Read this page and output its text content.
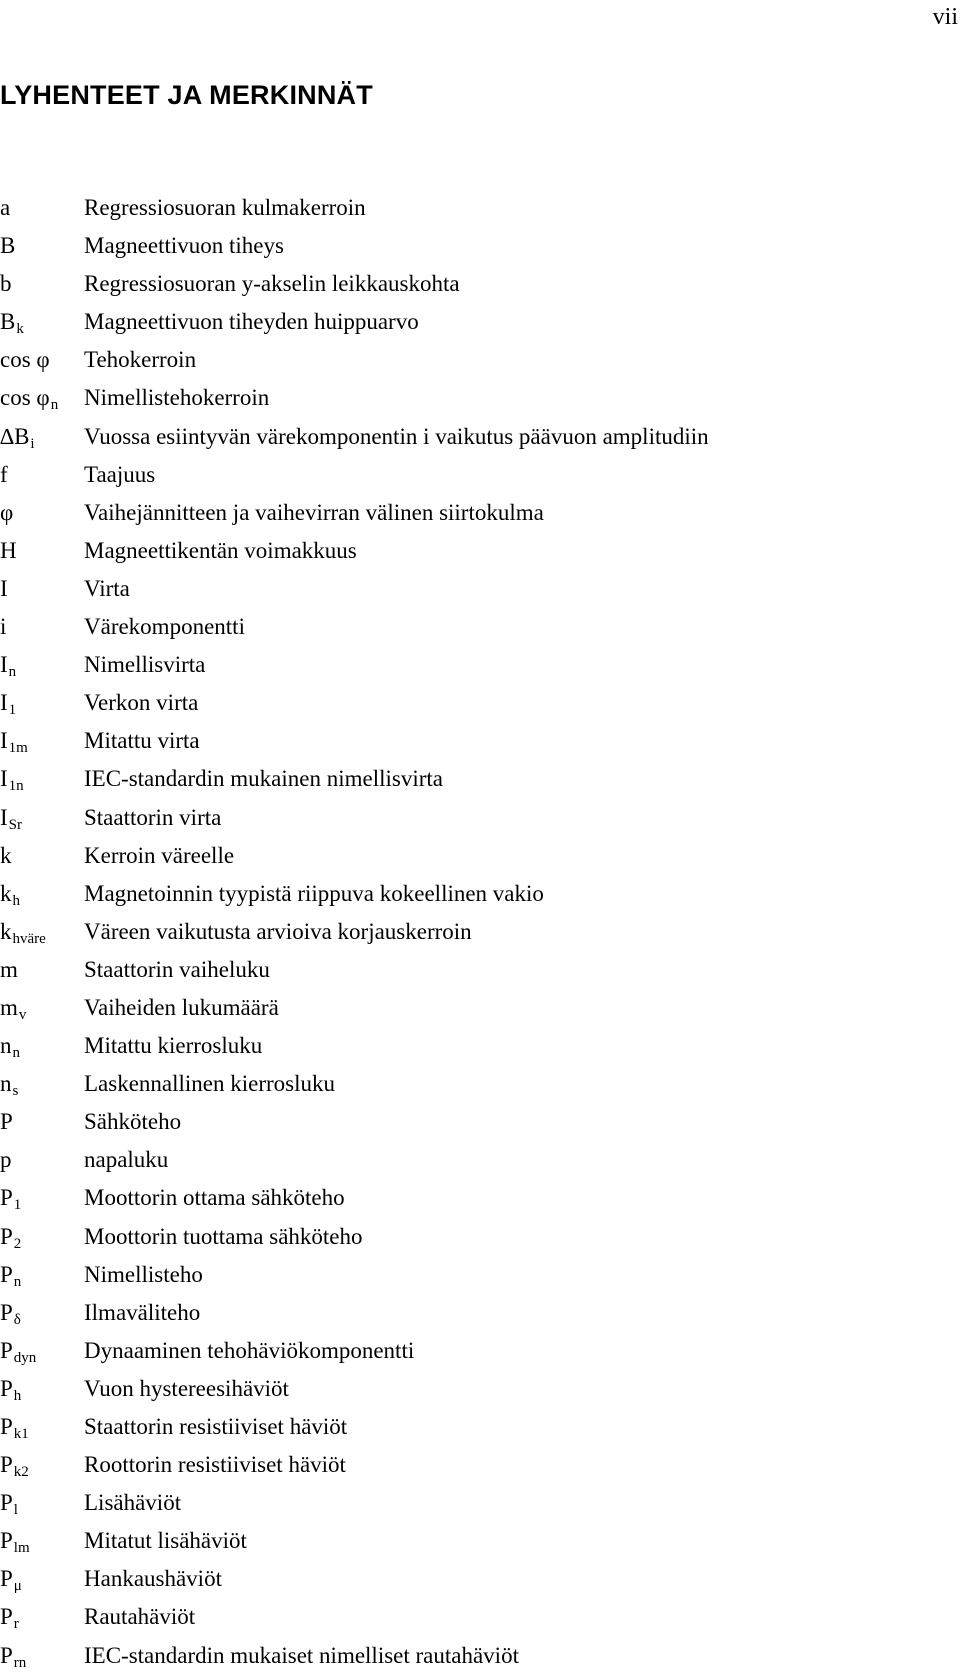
vii
LYHENTEET JA MERKINNÄT
a	Regressiosuoran kulmakerroin
B	Magneettivuon tiheys
b	Regressiosuoran y-akselin leikkauskohta
Bk	Magneettivuon tiheyden huippuarvo
cos φ	Tehokerroin
cos φn	Nimellistehokerroin
∆Bi	Vuossa esiintyvän värekomponentin i vaikutus päävuon amplitudiin
f	Taajuus
φ	Vaihejännitteen ja vaihevirran välinen siirtokulma
H	Magneettikentän voimakkuus
I	Virta
i	Värekomponentti
In	Nimellisvirta
I1	Verkon virta
I1m	Mitattu virta
I1n	IEC-standardin mukainen nimellisvirta
ISr	Staattorin virta
k	Kerroin väreelle
kh	Magnetoinnin tyypistä riippuva kokeellinen vakio
khväre	Väreen vaikutusta arvioiva korjauskerroin
m	Staattorin vaiheluku
mv	Vaiheiden lukumäärä
nn	Mitattu kierrosluku
ns	Laskennallinen kierrosluku
P	Sähköteho
p	napaluku
P1	Moottorin ottama sähköteho
P2	Moottorin tuottama sähköteho
Pn	Nimellisteho
Pδ	Ilmaväliteho
Pdyn	Dynaaminen tehohäviökomponentti
Ph	Vuon hystereesihäviöt
Pk1	Staattorin resistiiviset häviöt
Pk2	Roottorin resistiiviset häviöt
Pl	Lisähäviöt
Plm	Mitatut lisähäviöt
Pμ	Hankaushäviöt
Pr	Rautahäviöt
Prn	IEC-standardin mukaiset nimelliset rautahäviöt
